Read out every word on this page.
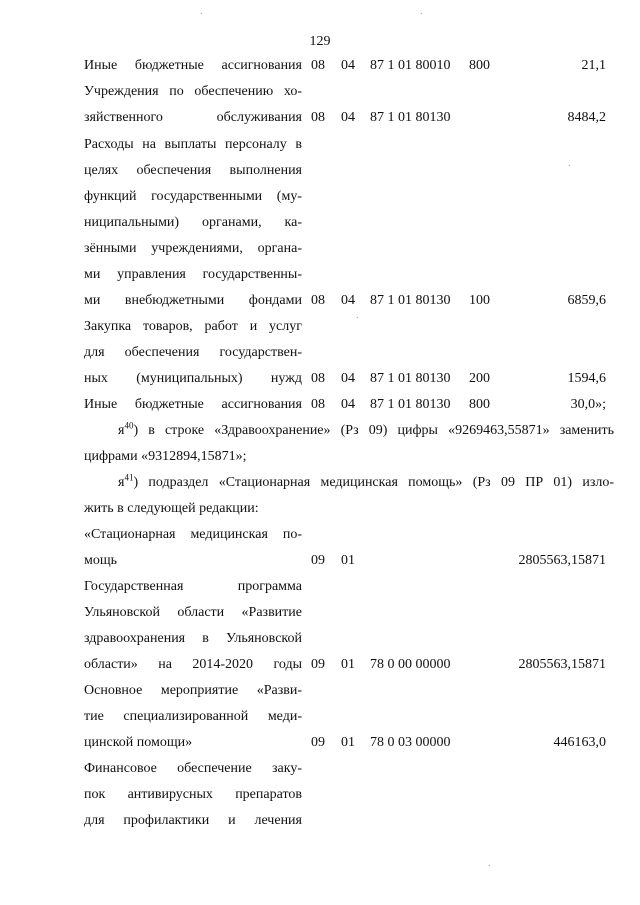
129
Иные бюджетные ассигнования 08 04 87 1 01 80010 800	21,1
Учреждения по обеспечению хо-
зяйственного обслуживания 08 04 87 1 01 80130	8484,2
Расходы на выплаты персоналу в
целях обеспечения выполнения
функций государственными (му-
ниципальными) органами, ка-
зёнными учреждениями, органа-
ми управления государственны-
ми внебюджетными фондами 08 04 87 1 01 80130 100	6859,6
Закупка товаров, работ и услуг
для обеспечения государствен-
ных (муниципальных) нужд 08 04 87 1 01 80130 200	1594,6
Иные бюджетные ассигнования 08 04 87 1 01 80130 800	30,0»;
$я^{40}$) в строке «Здравоохранение» (Рз 09) цифры «9269463,55871» заменить
цифрами «9312894,15871»;
$я^{41}$) подраздел «Стационарная медицинская помощь» (Рз 09 ПР 01) изло-
жить в следующей редакции:
«Стационарная медицинская по-
мощь	09 01	2805563,15871
Государственная программа
Ульяновской области «Развитие
здравоохранения в Ульяновской
области» на 2014-2020 годы 09 01 78 0 00 00000	2805563,15871
Основное мероприятие «Разви-
тие специализированной меди-
цинской помощи»	09 01 78 0 03 00000	446163,0
Финансовое обеспечение заку-
пок антивирусных препаратов
для профилактики и лечения
.	.
.
.
.
